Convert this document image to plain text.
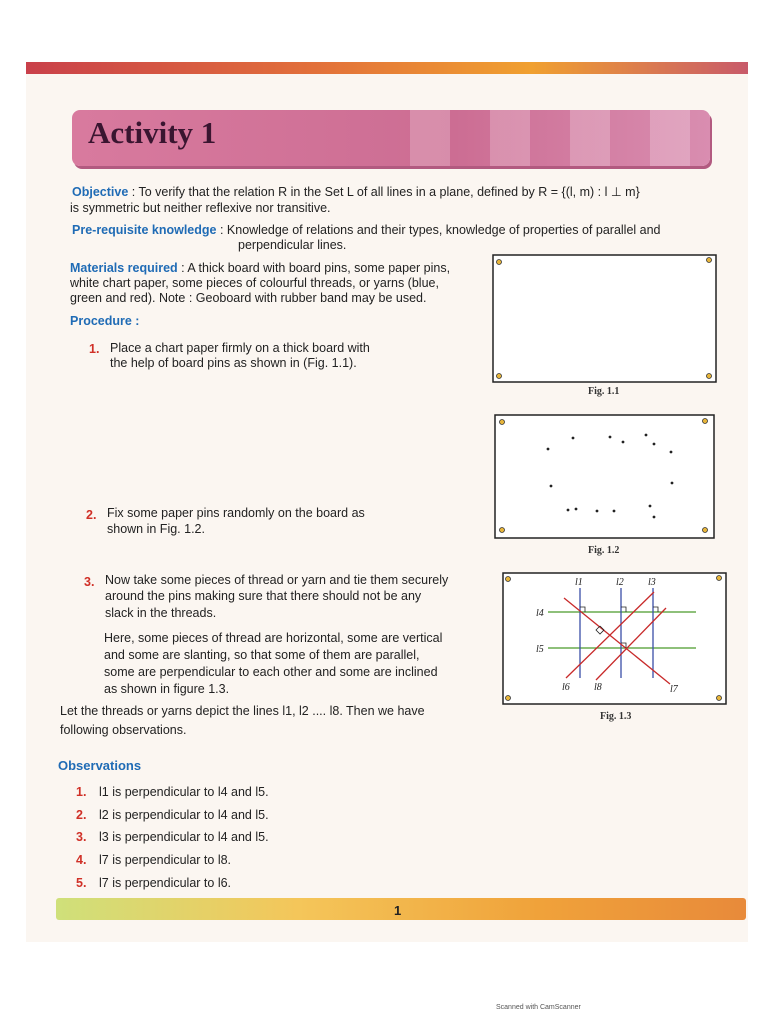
Activity 1
Objective : To verify that the relation R in the Set L of all lines in a plane, defined by R = {(l, m) : l ⊥ m}
is symmetric but neither reflexive nor transitive.
Pre-requisite knowledge : Knowledge of relations and their types, knowledge of properties of parallel and
perpendicular lines.
Materials required : A thick board with board pins, some paper pins,
white chart paper, some pieces of colourful threads, or yarns (blue,
green and red). Note : Geoboard with rubber band may be used.
Procedure :
1. Place a chart paper firmly on a thick board with
the help of board pins as shown in (Fig. 1.1).
2. Fix some paper pins randomly on the board as
shown in Fig. 1.2.
3. Now take some pieces of thread or yarn and tie them securely
around the pins making sure that there should not be any
slack in the threads.
Here, some pieces of thread are horizontal, some are vertical
and some are slanting, so that some of them are parallel,
some are perpendicular to each other and some are inclined
as shown in figure 1.3.
Let the threads or yarns depict the lines l1, l2 .... l8. Then we have
following observations.
Observations
1. l1 is perpendicular to l4 and l5.
2. l2 is perpendicular to l4 and l5.
3. l3 is perpendicular to l4 and l5.
4. l7 is perpendicular to l8.
5. l7 is perpendicular to l6.
Fig. 1.1
Fig. 1.2
l1	l2 l3
l4
l5
l6 l8	l7
Fig. 1.3
1
Scanned with CamScanner
